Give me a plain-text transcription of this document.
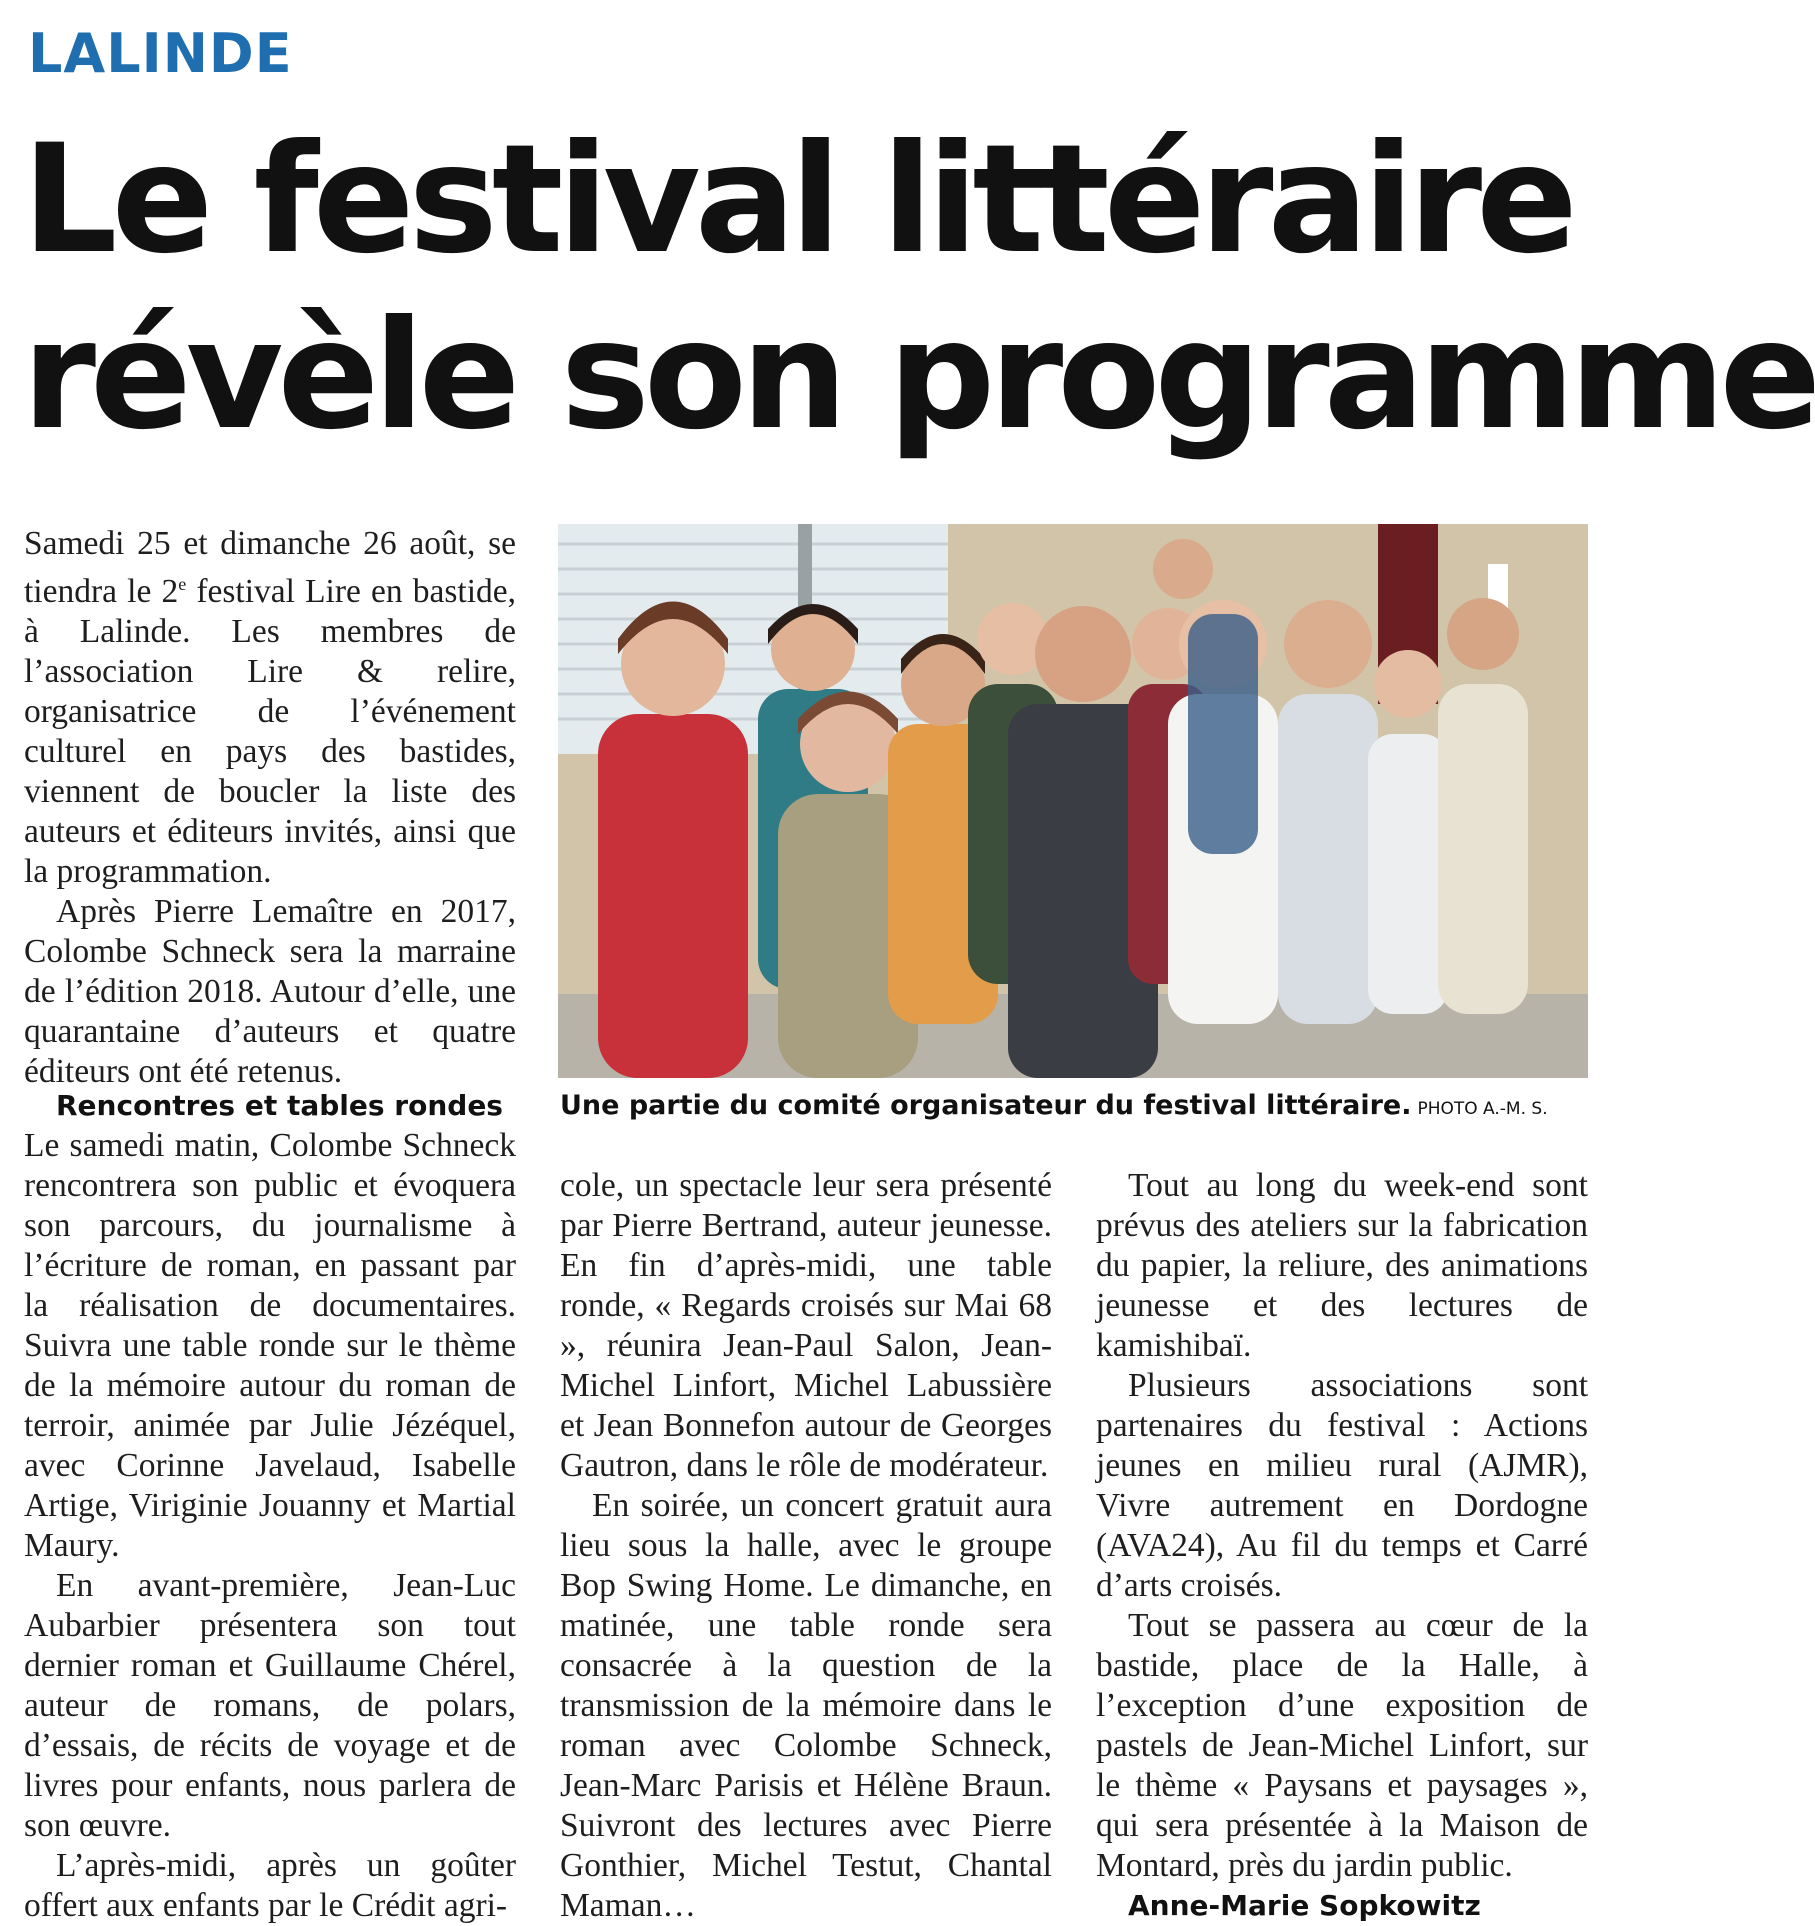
LALINDE
Le festival littéraire
révèle son programme

Samedi 25 et dimanche 26 août, se tiendra le 2e festival Lire en bastide, à Lalinde. Les membres de l’association Lire & relire, organisatrice de l’événement culturel en pays des bastides, viennent de boucler la liste des auteurs et éditeurs invités, ainsi que la programmation.

Après Pierre Lemaître en 2017, Colombe Schneck sera la marraine de l’édition 2018. Autour d’elle, une quarantaine d’auteurs et quatre éditeurs ont été retenus.

Une partie du comité organisateur du festival littéraire. PHOTO A.-M. S.

Rencontres et tables rondes

Le samedi matin, Colombe Schneck rencontrera son public et évoquera son parcours, du journalisme à l’écriture de roman, en passant par la réalisation de documentaires. Suivra une table ronde sur le thème de la mémoire autour du roman de terroir, animée par Julie Jézéquel, avec Corinne Javelaud, Isabelle Artige, Viriginie Jouanny et Martial Maury.

En avant-première, Jean-Luc Aubarbier présentera son tout dernier roman et Guillaume Chérel, auteur de romans, de polars, d’essais, de récits de voyage et de livres pour enfants, nous parlera de son œuvre.

L’après-midi, après un goûter offert aux enfants par le Crédit agri-

cole, un spectacle leur sera présenté par Pierre Bertrand, auteur jeunesse. En fin d’après-midi, une table ronde, « Regards croisés sur Mai 68 », réunira Jean-Paul Salon, Jean-Michel Linfort, Michel Labussière et Jean Bonnefon autour de Georges Gautron, dans le rôle de modérateur.

En soirée, un concert gratuit aura lieu sous la halle, avec le groupe Bop Swing Home. Le dimanche, en matinée, une table ronde sera consacrée à la question de la transmission de la mémoire dans le roman avec Colombe Schneck, Jean-Marc Parisis et Hélène Braun. Suivront des lectures avec Pierre Gonthier, Michel Testut, Chantal Maman…

Tout au long du week-end sont prévus des ateliers sur la fabrication du papier, la reliure, des animations jeunesse et des lectures de kamishibaï.

Plusieurs associations sont partenaires du festival : Actions jeunes en milieu rural (AJMR), Vivre autrement en Dordogne (AVA24), Au fil du temps et Carré d’arts croisés.

Tout se passera au cœur de la bastide, place de la Halle, à l’exception d’une exposition de pastels de Jean-Michel Linfort, sur le thème « Paysans et paysages », qui sera présentée à la Maison de Montard, près du jardin public.

Anne-Marie Sopkowitz
